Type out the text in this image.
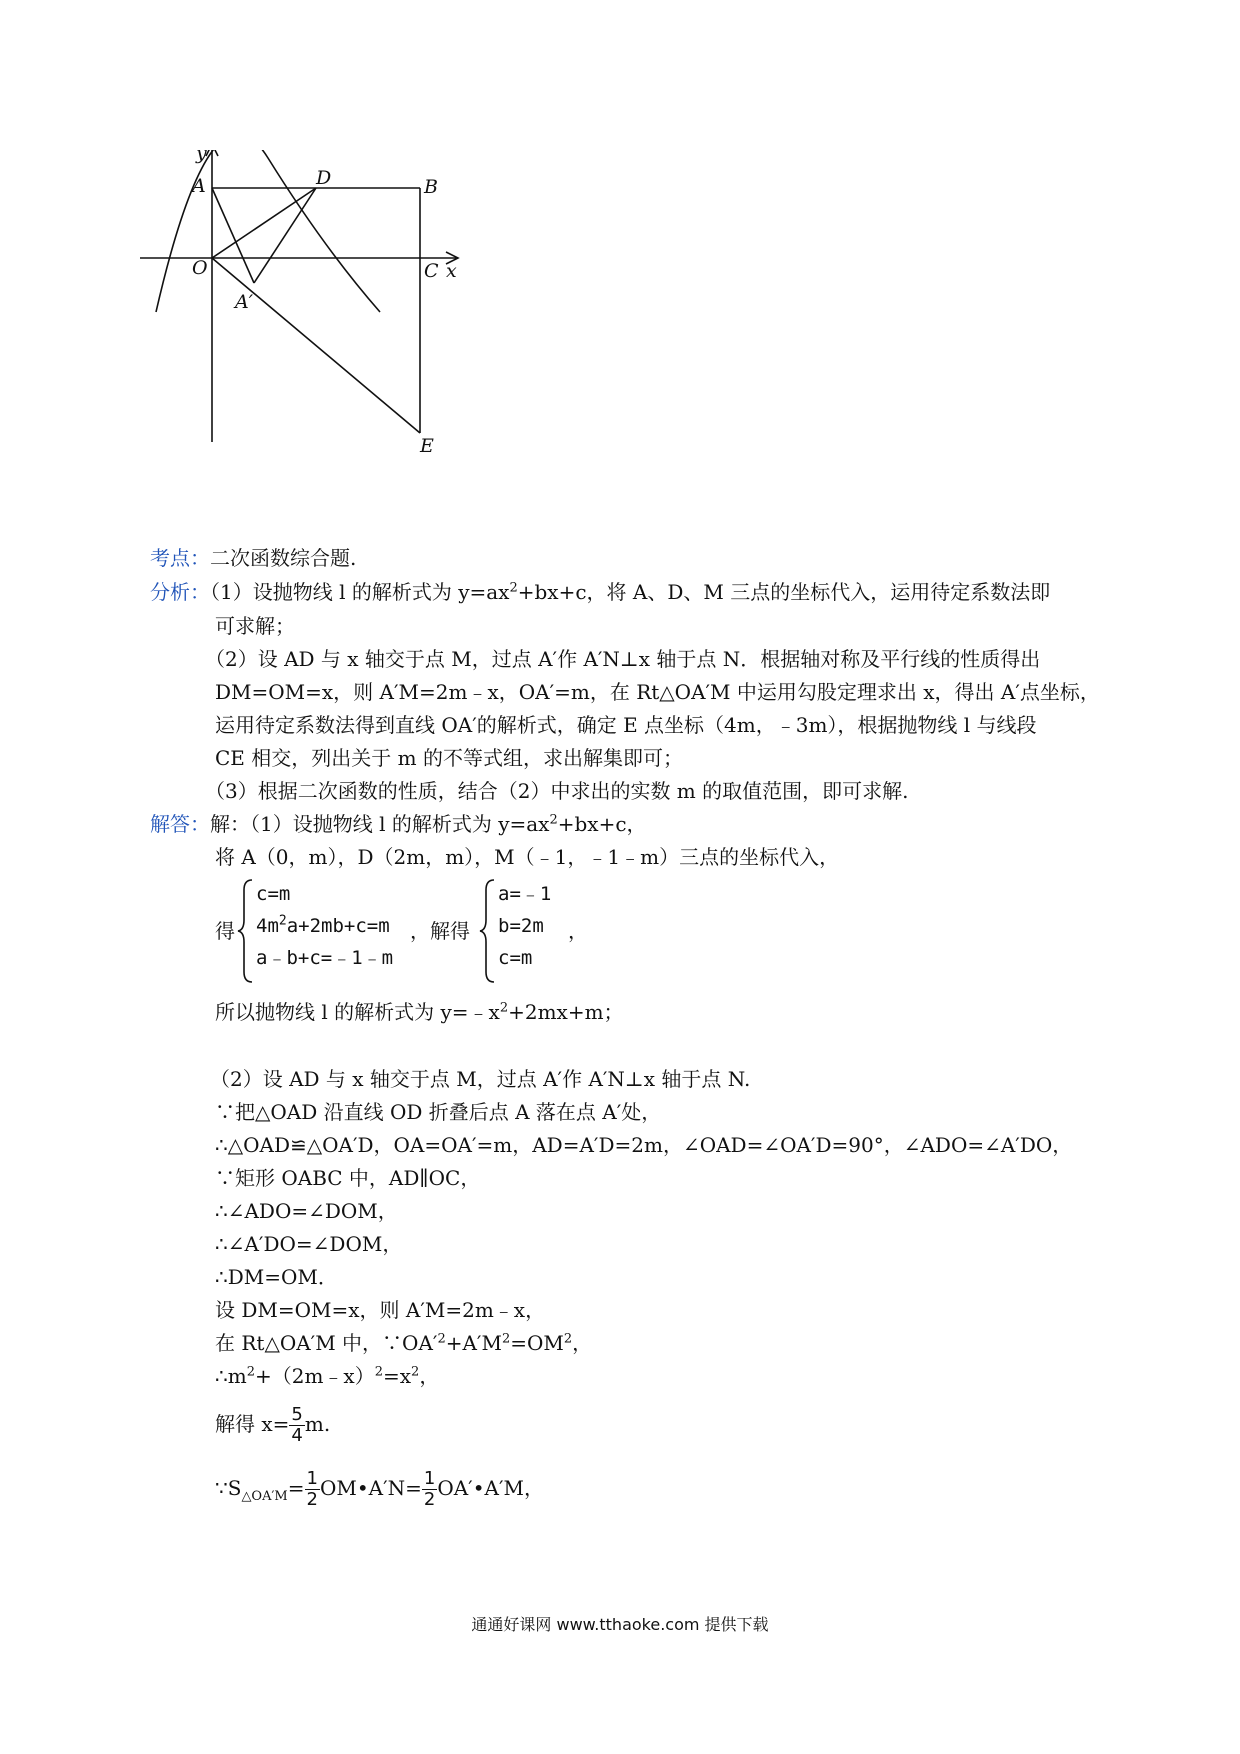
y
A	D	B
O	C x
A′
E
考点：二次函数综合题.
分析：（1）设抛物线 l 的解析式为 $y=ax^2+bx+c$，将 A、D、M 三点的坐标代入，运用待定系数法即
可求解；
（2）设 AD 与 x 轴交于点 M，过点 A′作 A′N⊥x 轴于点 N．根据轴对称及平行线的性质得出
DM=OM=x，则 A′M=2m﹣x，OA′=m，在 Rt△OA′M 中运用勾股定理求出 x，得出 A′点坐标，
运用待定系数法得到直线 OA′的解析式，确定 E 点坐标（4m，﹣3m），根据抛物线 l 与线段
CE 相交，列出关于 m 的不等式组，求出解集即可；
（3）根据二次函数的性质，结合（2）中求出的实数 m 的取值范围，即可求解.
解答：解：（1）设抛物线 l 的解析式为 $y=ax^2+bx+c$，
将 A（0，m），D（2m，m），M（﹣1，﹣1﹣m）三点的坐标代入，
得
c=m
$4m^2a+2mb+c=m$
a﹣b+c=﹣1﹣m
，解得
a=﹣1
b=2m
c=m
，
所以抛物线 l 的解析式为 $y=﹣x^2+2mx+m$；
（2）设 AD 与 x 轴交于点 M，过点 A′作 A′N⊥x 轴于点 N.
∵把△OAD 沿直线 OD 折叠后点 A 落在点 A′处，
∴△OAD≌△OA′D，OA=OA′=m，AD=A′D=2m，∠OAD=∠OA′D=90°，∠ADO=∠A′DO，
∵矩形 OABC 中，AD∥OC，
∴∠ADO=∠DOM，
∴∠A′DO=∠DOM，
∴DM=OM．
设 DM=OM=x，则 A′M=2m﹣x，
在 Rt△OA′M 中，$\because OA'^2+A'M^2=OM^2$，
$\therefore m^2+(2m﹣x)^2=x^2$，
解得 $x= \frac{5}{4} m$.
$\because S_{\triangle OA'M}= \frac{1}{2}$ OM•A′N= $\frac{1}{2}$ OA′•A′M，
通通好课网 www.tthaoke.com 提供下载
